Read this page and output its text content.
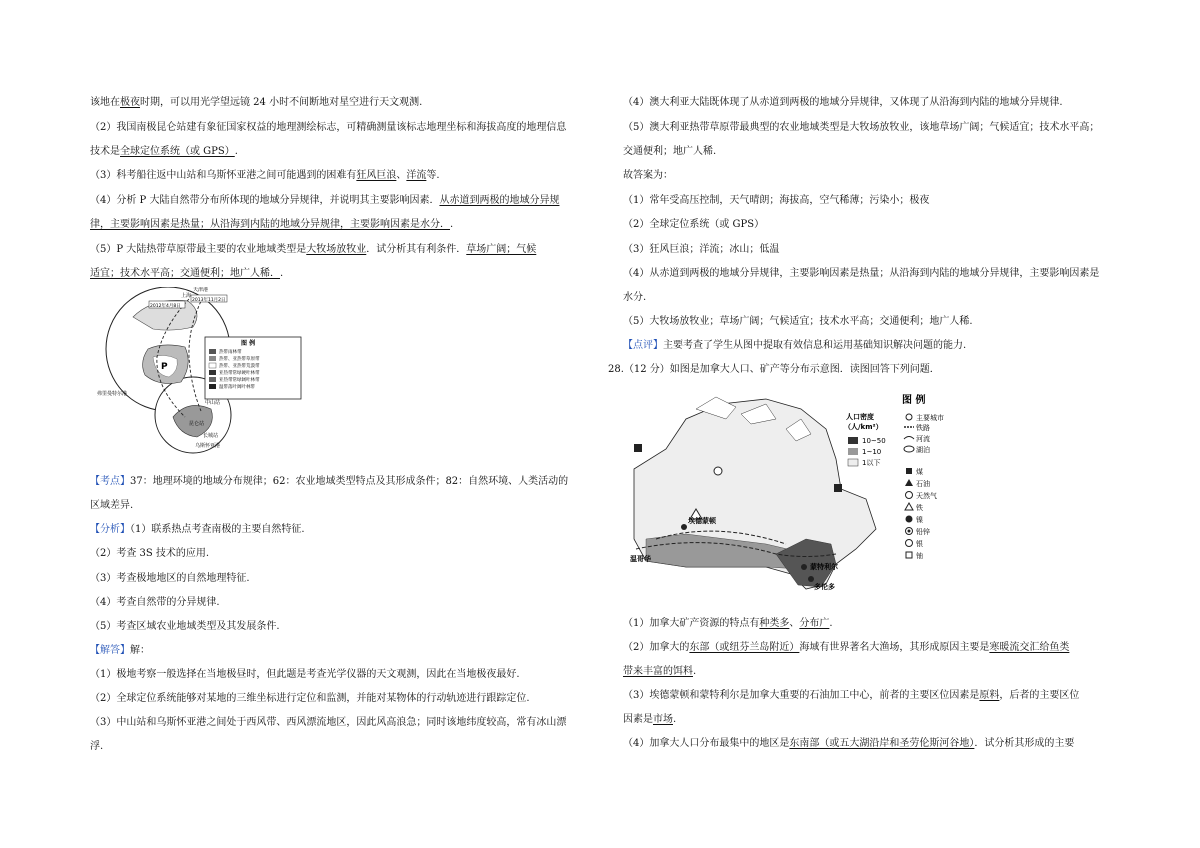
该地在极夜时期，可以用光学望远镜 24 小时不间断地对星空进行天文观测.
（2）我国南极昆仑站建有象征国家权益的地理测绘标志，可精确测量该标志地理坐标和海拔高度的地理信息
技术是全球定位系统（或 GPS）.
（3）科考船往返中山站和乌斯怀亚港之间可能遇到的困难有狂风巨浪、洋流等.
（4）分析 P 大陆自然带分布所体现的地域分异规律，并说明其主要影响因素．从赤道到两极的地域分异规
律，主要影响因素是热量；从沿海到内陆的地域分异规律，主要影响因素是水分．.
（5）P 大陆热带草原带最主要的农业地域类型是大牧场放牧业．试分析其有利条件．草场广阔；气候
适宜；技术水平高；交通便利；地广人稀．.
天津港
上海
2013年11月2日
2012年4月8日
P
弗里曼特尔港
中山站
昆仑站
长城站
乌斯怀亚港
图 例
热带雨林带
热带、亚热带草原带
热带、亚热带荒漠带
亚热带常绿硬叶林带
亚热带常绿阔叶林带
温带落叶阔叶林带
【考点】37：地理环境的地域分布规律；62：农业地域类型特点及其形成条件；82：自然环境、人类活动的
区域差异.
【分析】（1）联系热点考查南极的主要自然特征.
（2）考查 3S 技术的应用.
（3）考查极地地区的自然地理特征.
（4）考查自然带的分异规律.
（5）考查区域农业地域类型及其发展条件.
【解答】解：
（1）极地考察一般选择在当地极昼时，但此题是考查光学仪器的天文观测，因此在当地极夜最好.
（2）全球定位系统能够对某地的三维坐标进行定位和监测，并能对某物体的行动轨迹进行跟踪定位.
（3）中山站和乌斯怀亚港之间处于西风带、西风漂流地区，因此风高浪急；同时该地纬度较高，常有冰山漂
浮.
（4）澳大利亚大陆既体现了从赤道到两极的地域分异规律，又体现了从沿海到内陆的地域分异规律.
（5）澳大利亚热带草原带最典型的农业地域类型是大牧场放牧业，该地草场广阔；气候适宜；技术水平高；
交通便利；地广人稀.
故答案为：
（1）常年受高压控制，天气晴朗；海拔高，空气稀薄；污染小；极夜
（2）全球定位系统（或 GPS）
（3）狂风巨浪；洋流；冰山；低温
（4）从赤道到两极的地域分异规律，主要影响因素是热量；从沿海到内陆的地域分异规律，主要影响因素是
水分.
（5）大牧场放牧业；草场广阔；气候适宜；技术水平高；交通便利；地广人稀.
【点评】主要考查了学生从图中提取有效信息和运用基础知识解决问题的能力.
28.（12 分）如图是加拿大人口、矿产等分布示意图．读图回答下列问题．
埃德蒙顿
温哥华
蒙特利尔
多伦多
图 例
人口密度
（人/km²）
10~50
1~10
1以下
主要城市
铁路
河流
湖泊
煤
石油
天然气
铁
镍
铅锌
银
铀
（1）加拿大矿产资源的特点有种类多、分布广.
（2）加拿大的东部（或纽芬兰岛附近）海域有世界著名大渔场，其形成原因主要是寒暖流交汇给鱼类
带来丰富的饵料.
（3）埃德蒙顿和蒙特利尔是加拿大重要的石油加工中心，前者的主要区位因素是原料，后者的主要区位
因素是市场.
（4）加拿大人口分布最集中的地区是东南部（或五大湖沿岸和圣劳伦斯河谷地）．试分析其形成的主要
